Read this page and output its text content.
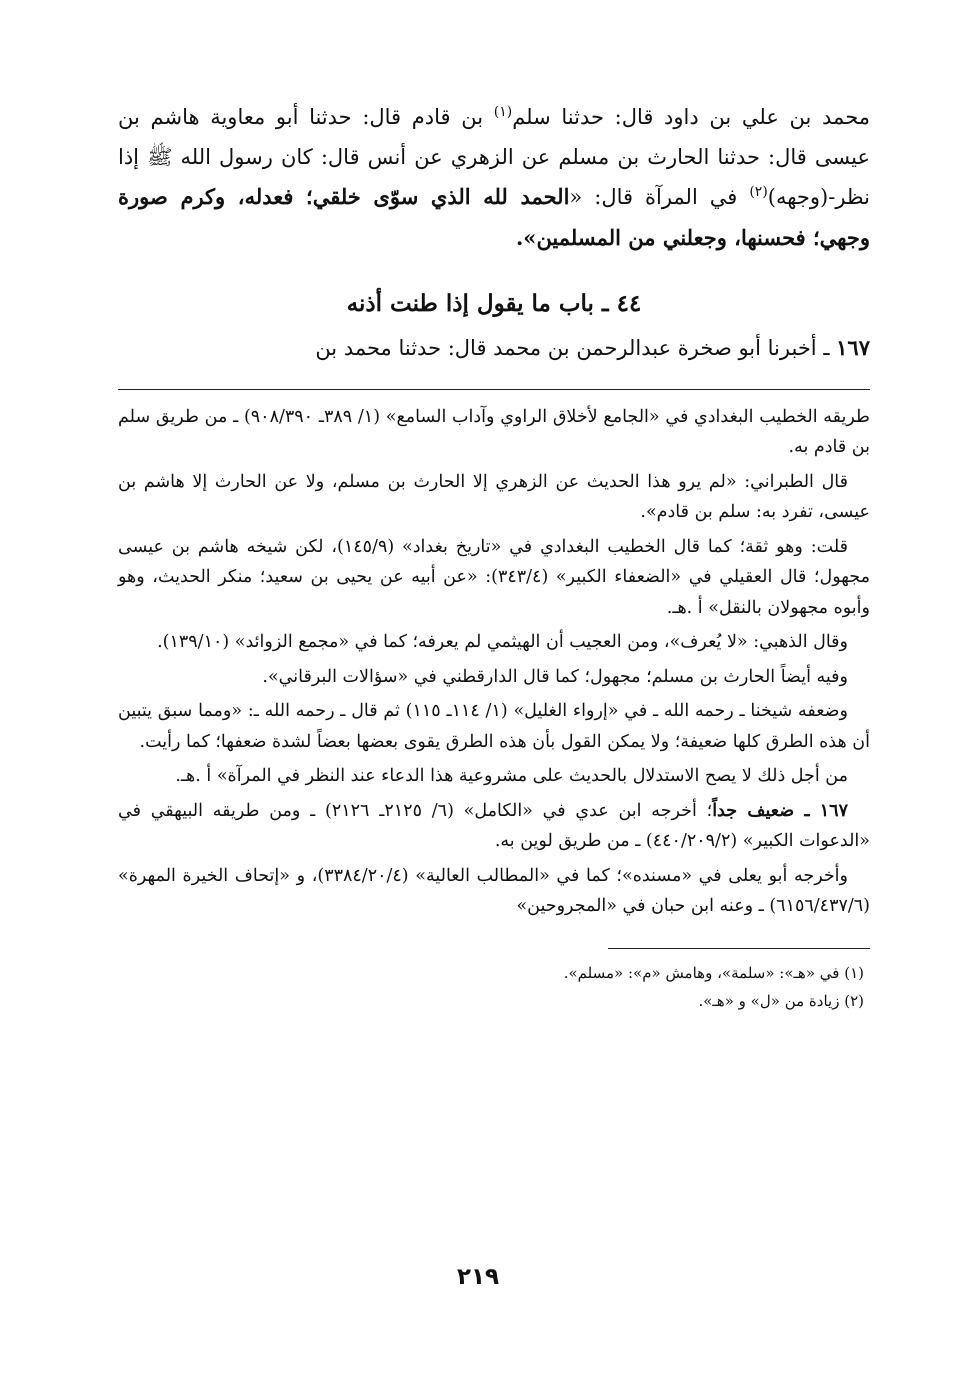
محمد بن علي بن داود قال: حدثنا سلم$^{(١)}$ بن قادم قال: حدثنا أبو معاوية هاشم بن عيسى قال: حدثنا الحارث بن مسلم عن الزهري عن أنس قال: كان رسول الله ﷺ إذا نظر-(وجهه)$^{(٢)}$ في المرآة قال: «الحمد لله الذي سوّى خلقي؛ فعدله، وكرم صورة وجهي؛ فحسنها، وجعلني من المسلمين».

٤٤ ـ باب ما يقول إذا طنت أذنه

١٦٧ ـ أخبرنا أبو صخرة عبدالرحمن بن محمد قال: حدثنا محمد بن

طريقه الخطيب البغدادي في «الجامع لأخلاق الراوي وآداب السامع» (١/ ٣٨٩ـ ٩٠٨/٣٩٠) ـ من طريق سلم بن قادم به.

قال الطبراني: «لم يرو هذا الحديث عن الزهري إلا الحارث بن مسلم، ولا عن الحارث إلا هاشم بن عيسى، تفرد به: سلم بن قادم».

قلت: وهو ثقة؛ كما قال الخطيب البغدادي في «تاريخ بغداد» (١٤٥/٩)، لكن شيخه هاشم بن عيسى مجهول؛ قال العقيلي في «الضعفاء الكبير» (٣٤٣/٤): «عن أبيه عن يحيى بن سعيد؛ منكر الحديث، وهو وأبوه مجهولان بالنقل» أ .هـ.

وقال الذهبي: «لا يُعرف»، ومن العجيب أن الهيثمي لم يعرفه؛ كما في «مجمع الزوائد» (١٣٩/١٠).

وفيه أيضاً الحارث بن مسلم؛ مجهول؛ كما قال الدارقطني في «سؤالات البرقاني».

وضعفه شيخنا ـ رحمه الله ـ في «إرواء الغليل» (١/ ١١٤ـ ١١٥) ثم قال ـ رحمه الله ـ: «ومما سبق يتبين أن هذه الطرق كلها ضعيفة؛ ولا يمكن القول بأن هذه الطرق يقوى بعضها بعضاً لشدة ضعفها؛ كما رأيت.

من أجل ذلك لا يصح الاستدلال بالحديث على مشروعية هذا الدعاء عند النظر في المرآة» أ .هـ.

١٦٧ ـ ضعيف جداً؛ أخرجه ابن عدي في «الكامل» (٦/ ٢١٢٥ـ ٢١٢٦) ـ ومن طريقه البيهقي في «الدعوات الكبير» (٤٤٠/٢٠٩/٢) ـ من طريق لوين به.

وأخرجه أبو يعلى في «مسنده»؛ كما في «المطالب العالية» (٣٣٨٤/٢٠/٤)، و «إتحاف الخيرة المهرة» (٦١٥٦/٤٣٧/٦) ـ وعنه ابن حبان في «المجروحين»

(١) في «هـ»: «سلمة»، وهامش «م»: «مسلم».

(٢) زيادة من «ل» و «هـ».

٢١٩
